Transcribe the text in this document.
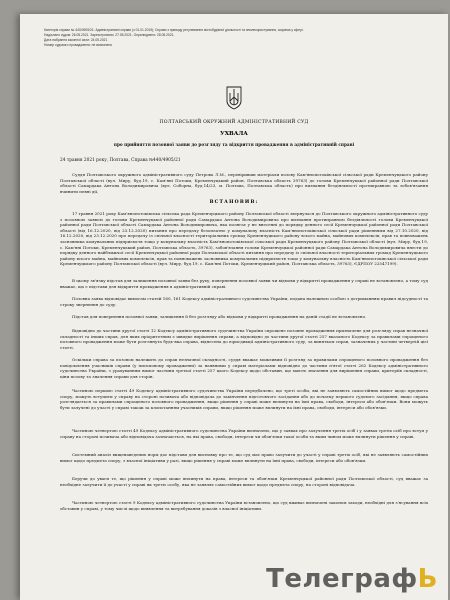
Категорія справи № 440/4905/21: Адміністративні справи (з 01.01.2019); Справи з приводу регулювання містобудівної діяльності та землекористування, зокрема у сфері.
Надіслано судом: 26.05.2021. Зареєстровано: 27.05.2021. Оприлюднено: 28.05.2021.
Дата набрання законної сили: 24.05.2021
Номер судового провадження: не визначено
ПОЛТАВСЬКИЙ ОКРУЖНИЙ АДМІНІСТРАТИВНИЙ СУД
УХВАЛА
про прийняття позовної заяви до розгляду та відкриття провадження в адміністративній справі
24 травня 2021 року, Полтава, Справа №440/4905/21
Суддя Полтавського окружного адміністративного суду Петрова Л.М., перевіривши матеріали позову Кам'янопотоківської сільської ради Кременчуцького району Полтавської області (вул. Миру, буд.19, с. Кам'яні Потоки, Кременчуцький район, Полтавська область 39763) до голови Кременчуцької районної ради Полтавської області Самардака Антона Володимировича (вул. Соборна, буд.14/23, м. Полтава, Полтавська область) про визнання бездіяльності протиправною та зобов'язання вчинити певні дії,
ВСТАНОВИВ:
17 травня 2021 року Кам'янопотоківська сільська рада Кременчуцького району Полтавської області звернулася до Полтавського окружного адміністративного суду з позовною заявою до голови Кременчуцької районної ради Самардака Антона Володимировича про визнання протиправною бездіяльності голови Кременчуцької районної ради Полтавської області Самардака Антона Володимировича, яка полягає у не внесенні до порядку денного сесії Кременчуцької районної ради Полтавської області (від 16.12.2020, від 23.12.2020) питання про передачу безоплатно у комунальну власність Кам'янопотоківської сільської ради рішеннями від 27.10.2020, від 16.12.2020, від 23.12.2020 про передачу із спільної власності територіальних громад Кременчуцького району всього майна, майнових комплексів, прав та повноважень засновника комунальних підприємств тощо у комунальну власність Кам'янопотоківської сільської ради Кременчуцького району Полтавської області (вул. Миру, буд.19, с. Кам'яні Потоки, Кременчуцький район, Полтавська область, 39763), зобов'язання голови Кременчуцької районної ради Самардака Антона Володимировича внести до порядку денного найближчої сесії Кременчуцької районної ради Полтавської області питання про передачу із спільної власності територіальних громад Кременчуцького району всього майна, майнових комплексів, прав та повноважень засновника комунальних підприємств тощо у комунальну власність Кам'янопотоківської сільської ради Кременчуцького району Полтавської області (вул. Миру, буд.19, с. Кам'яні Потоки, Кременчуцький район, Полтавська область, 39763), ЄДРПОУ 22547199).
В цьому зв'язку підстав для залишення позовної заяви без руху, повернення позовної заяви чи відмови у відкритті провадження у справі не встановлено, а тому суд вважає, що є підстави для відкриття провадження в адміністративній справі.
Позовна заява відповідає вимогам статей 160, 161 Кодексу адміністративного судочинства України, подана належною особою з дотриманням правил підсудності та строку звернення до суду.
Підстав для повернення позовної заяви, залишення її без розгляду або відмови у відкритті провадження на даній стадії не встановлено.
Відповідно до частини другої статті 12 Кодексу адміністративного судочинства України спрощене позовне провадження призначене для розгляду справ незначної складності та інших справ, для яких пріоритетним є швидке вирішення справи, а відповідно до частини другої статті 257 вказаного Кодексу за правилами спрощеного позовного провадження може бути розглянута будь-яка справа, віднесена до юрисдикції адміністративного суду, за винятком справ, зазначених у частині четвертій цієї статті.
Оскільки справа за позовом належить до справ незначної складності, суддя вважає можливим її розгляд за правилами спрощеного позовного провадження без повідомлення учасників справи (у письмовому провадженні) за наявними у справі матеріалами відповідно до частини п'ятої статті 262 Кодексу адміністративного судочинства України, з урахуванням вимог частини третьої статті 257 цього Кодексу щодо обставин, що мають значення для вирішення справи, критеріїв складності, ціни позову та значення справи для сторін.
Частиною першою статті 49 Кодексу адміністративного судочинства України передбачено, що треті особи, які не заявляють самостійних вимог щодо предмета спору, можуть вступити у справу на стороні позивача або відповідача до закінчення підготовчого засідання або до початку першого судового засідання, якщо справа розглядається за правилами спрощеного позовного провадження, якщо рішення у справі може вплинути на їхні права, свободи, інтереси або обов'язки. Вони можуть бути залучені до участі у справі також за клопотанням учасників справи, якщо рішення може вплинути на їхні права, свободи, інтереси або обов'язки.
Частиною четвертою статті 49 Кодексу адміністративного судочинства України визначено, що у заявах про залучення третіх осіб і у заявах третіх осіб про вступ у справу на стороні позивача або відповідача зазначається, на які права, свободи, інтереси чи обов'язки такої особи та яким чином може вплинути рішення у справі.
Системний аналіз вищенаведених норм дає підстави для висновку про те, що суд має право залучити до участі у справі третіх осіб, які не заявляють самостійних вимог щодо предмета спору, з власної ініціативи у разі, якщо рішення у справі може вплинути на їхні права, свободи, інтереси або обов'язки.
Беручи до уваги те, що рішення у справі може вплинути на права, інтереси та обов'язки Кременчуцької районної ради Полтавської області, суд вважає за необхідне залучити її до участі у справі як третю особу, яка не заявляє самостійних вимог щодо предмета спору, на стороні відповідача.
Частиною четвертою статті 9 Кодексу адміністративного судочинства України встановлено, що суд вживає визначені законом заходи, необхідні для з'ясування всіх обставин у справі, у тому числі щодо виявлення та витребування доказів з власної ініціативи.
ТелеграфЬ
